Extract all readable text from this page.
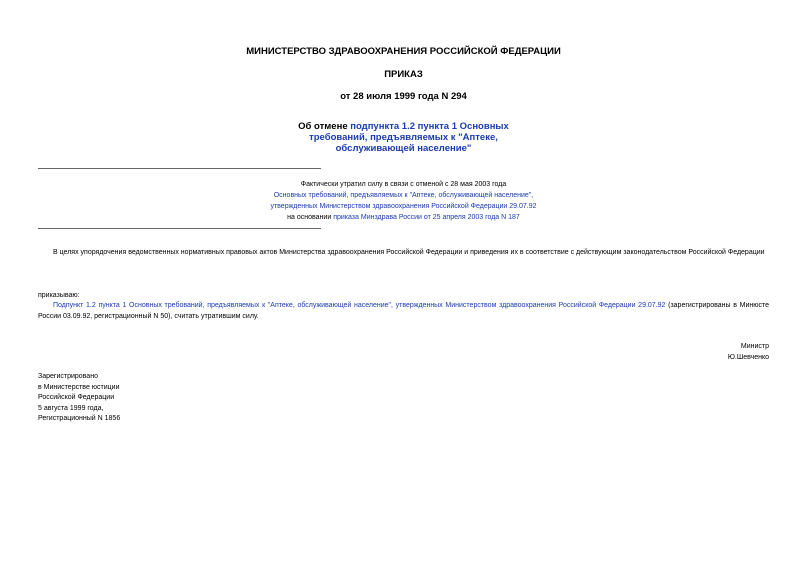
МИНИСТЕРСТВО ЗДРАВООХРАНЕНИЯ РОССИЙСКОЙ ФЕДЕРАЦИИ
ПРИКАЗ
от 28 июля 1999 года N 294
Об отмене подпункта 1.2 пункта 1 Основных
требований, предъявляемых к "Аптеке,
обслуживающей население"
Фактически утратил силу в связи с отменой с 28 мая 2003 года
Основных требований, предъявляемых к "Аптеке, обслуживающей население",
утвержденных Министерством здравоохранения Российской Федерации 29.07.92
на основании приказа Минздрава России от 25 апреля 2003 года N 187
В целях упорядочения ведомственных нормативных правовых актов Министерства здравоохранения Российской Федерации и приведения их в соответствие с действующим законодательством Российской Федерации
приказываю:
Подпункт 1.2 пункта 1 Основных требований, предъявляемых к "Аптеке, обслуживающей население", утвержденных Министерством здравоохранения Российской Федерации 29.07.92 (зарегистрированы в Минюсте России 03.09.92, регистрационный N 50), считать утратившим силу.
Министр
Ю.Шевченко
Зарегистрировано
в Министерстве юстиции
Российской Федерации
5 августа 1999 года,
Регистрационный N 1856
